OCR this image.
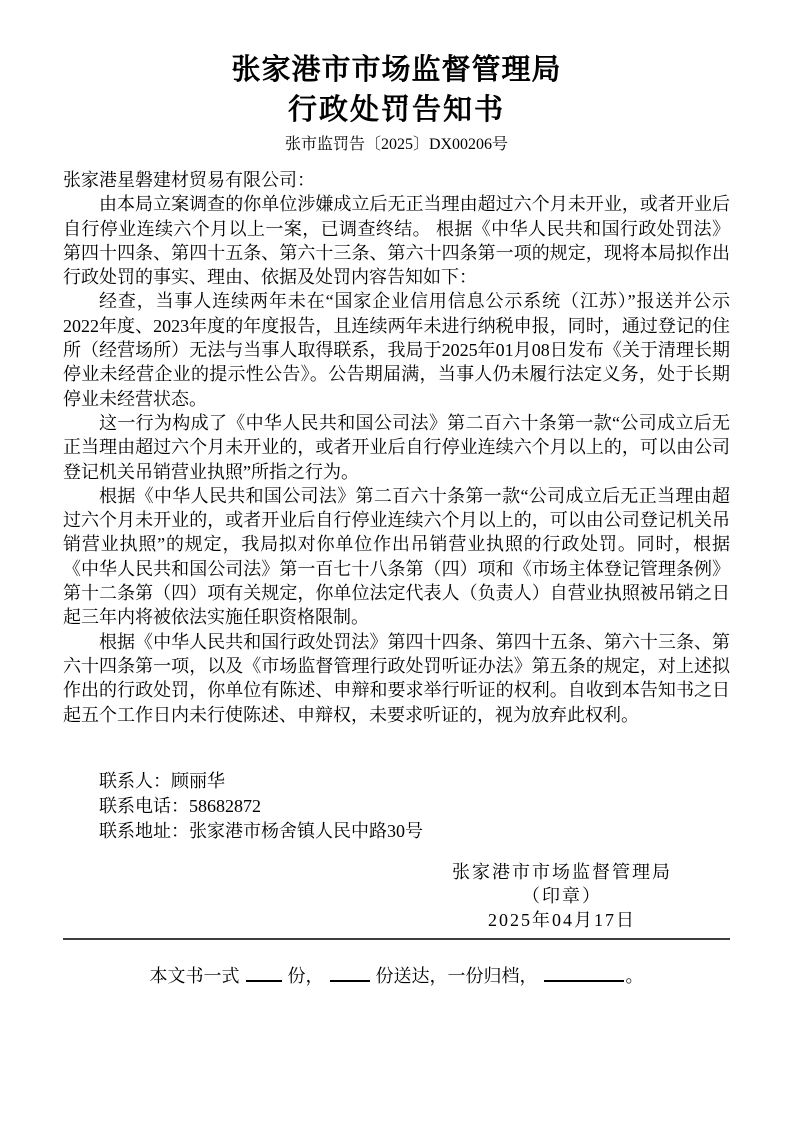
张家港市市场监督管理局
行政处罚告知书
张市监罚告〔2025〕DX00206号

张家港星磐建材贸易有限公司：

由本局立案调查的你单位涉嫌成立后无正当理由超过六个月未开业，或者开业后自行停业连续六个月以上一案，已调查终结。 根据《中华人民共和国行政处罚法》第四十四条、第四十五条、第六十三条、第六十四条第一项的规定，现将本局拟作出行政处罚的事实、理由、依据及处罚内容告知如下：

经查，当事人连续两年未在“国家企业信用信息公示系统（江苏）”报送并公示2022年度、2023年度的年度报告，且连续两年未进行纳税申报，同时，通过登记的住所（经营场所）无法与当事人取得联系，我局于2025年01月08日发布《关于清理长期停业未经营企业的提示性公告》。公告期届满，当事人仍未履行法定义务，处于长期停业未经营状态。

这一行为构成了《中华人民共和国公司法》第二百六十条第一款“公司成立后无正当理由超过六个月未开业的，或者开业后自行停业连续六个月以上的，可以由公司登记机关吊销营业执照”所指之行为。

根据《中华人民共和国公司法》第二百六十条第一款“公司成立后无正当理由超过六个月未开业的，或者开业后自行停业连续六个月以上的，可以由公司登记机关吊销营业执照”的规定，我局拟对你单位作出吊销营业执照的行政处罚。同时，根据《中华人民共和国公司法》第一百七十八条第（四）项和《市场主体登记管理条例》第十二条第（四）项有关规定，你单位法定代表人（负责人）自营业执照被吊销之日起三年内将被依法实施任职资格限制。

根据《中华人民共和国行政处罚法》第四十四条、第四十五条、第六十三条、第六十四条第一项，以及《市场监督管理行政处罚听证办法》第五条的规定，对上述拟作出的行政处罚，你单位有陈述、申辩和要求举行听证的权利。自收到本告知书之日起五个工作日内未行使陈述、申辩权，未要求听证的，视为放弃此权利。

联系人：顾丽华
联系电话：58682872
联系地址：张家港市杨舍镇人民中路30号
张家港市市场监督管理局
（印章）
2025年04月17日
本文书一式	份，	份送达，一份归档，	。
